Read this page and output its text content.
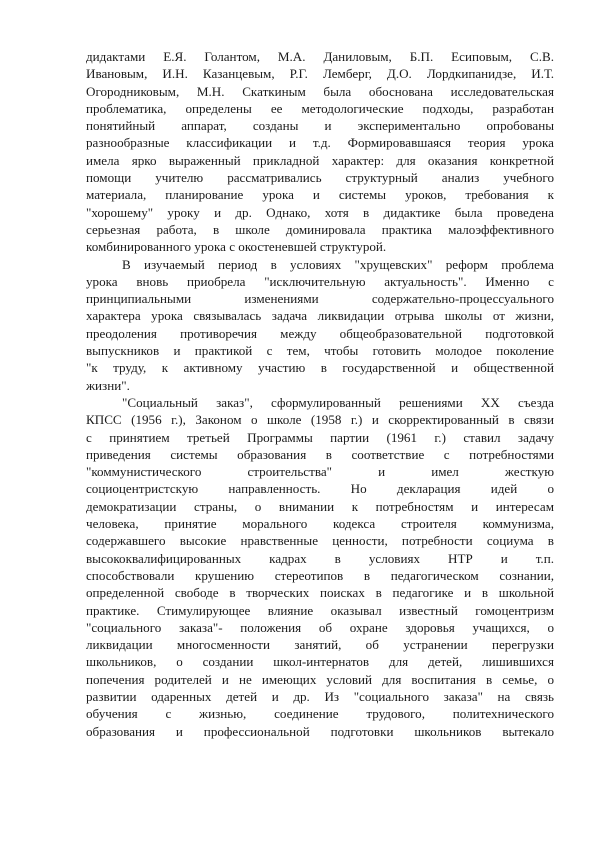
дидактами Е.Я. Голантом, М.А. Даниловым, Б.П. Есиповым, С.В.
Ивановым, И.Н. Казанцевым, Р.Г. Лемберг, Д.О. Лордкипанидзе, И.Т.
Огородниковым, М.Н. Скаткиным была обоснована исследовательская
проблематика, определены ее методологические подходы, разработан
понятийный аппарат, созданы и экспериментально опробованы
разнообразные классификации и т.д. Формировавшаяся теория урока
имела ярко выраженный прикладной характер: для оказания конкретной
помощи учителю рассматривались структурный анализ учебного
материала, планирование урока и системы уроков, требования к
"хорошему" уроку и др. Однако, хотя в дидактике была проведена
серьезная работа, в школе доминировала практика малоэффективного
комбинированного урока с окостеневшей структурой.
В изучаемый период в условиях "хрущевских" реформ проблема
урока вновь приобрела "исключительную актуальность". Именно с
принципиальными изменениями содержательно-процессуального
характера урока связывалась задача ликвидации отрыва школы от жизни,
преодоления противоречия между общеобразовательной подготовкой
выпускников и практикой с тем, чтобы готовить молодое поколение
"к труду, к активному участию в государственной и общественной
жизни".
"Социальный заказ", сформулированный решениями XX съезда
КПСС (1956 г.), Законом о школе (1958 г.) и скорректированный в связи
с принятием третьей Программы партии (1961 г.) ставил задачу
приведения системы образования в соответствие с потребностями
"коммунистического строительства" и имел жесткую
социоцентристскую направленность. Но декларация идей о
демократизации страны, о внимании к потребностям и интересам
человека, принятие морального кодекса строителя коммунизма,
содержавшего высокие нравственные ценности, потребности социума в
высококвалифицированных кадрах в условиях НТР и т.п.
способствовали крушению стереотипов в педагогическом сознании,
определенной свободе в творческих поисках в педагогике и в школьной
практике. Стимулирующее влияние оказывал известный гомоцентризм
"социального заказа"- положения об охране здоровья учащихся, о
ликвидации многосменности занятий, об устранении перегрузки
школьников, о создании школ-интернатов для детей, лишившихся
попечения родителей и не имеющих условий для воспитания в семье, о
развитии одаренных детей и др. Из "социального заказа" на связь
обучения с жизнью, соединение трудового, политехнического
образования и профессиональной подготовки школьников вытекало
